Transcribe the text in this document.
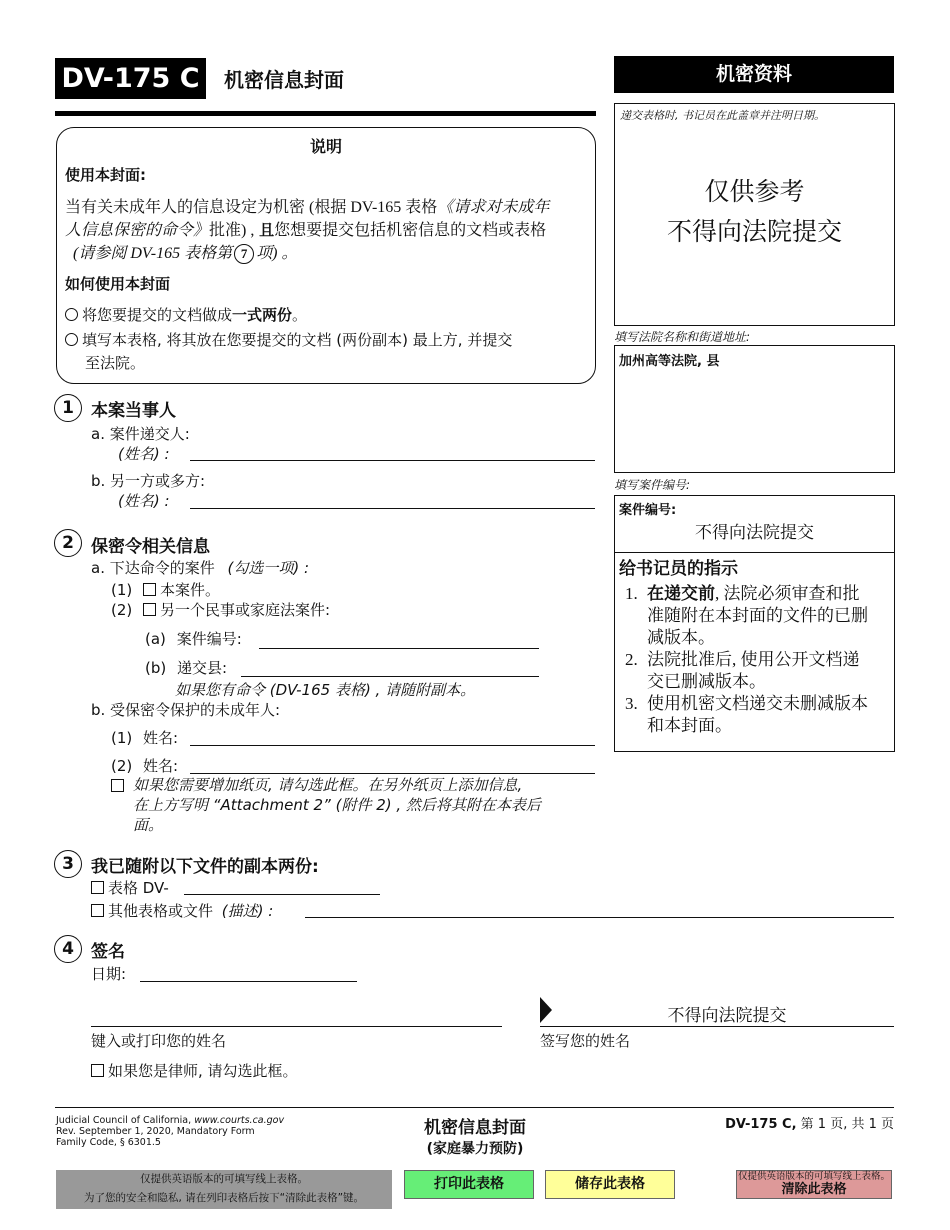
DV-175 C	机密信息封面	机密资料
说明
使用本封面:
当有关未成年人的信息设定为机密 (根据 DV-165 表格《请求对未成年
人信息保密的命令》批准) , 且您想要提交包括机密信息的文档或表格
(请参阅 DV-165 表格第 7 项) 。
如何使用本封面
将您要提交的文档做成一式两份。
填写本表格, 将其放在您要提交的文档 (两份副本) 最上方, 并提交
至法院。
递交表格时, 书记员在此盖章并注明日期。
仅供参考
不得向法院提交
填写法院名称和街道地址:
加州高等法院, 县
填写案件编号:
案件编号:
不得向法院提交
给书记员的指示
1. 在递交前, 法院必须审查和批
准随附在本封面的文件的已删
减版本。
2. 法院批准后, 使用公开文档递
交已删减版本。
3. 使用机密文档递交未删减版本
和本封面。
1	本案当事人
a. 案件递交人:
(姓名) :
b. 另一方或多方:
(姓名) :
2	保密令相关信息
a. 下达命令的案件 (勾选一项) :
(1) 本案件。
(2) 另一个民事或家庭法案件:
(a) 案件编号:
(b) 递交县:
如果您有命令 (DV-165 表格) , 请随附副本。
b. 受保密令保护的未成年人:
(1) 姓名:
(2) 姓名:
如果您需要增加纸页, 请勾选此框。在另外纸页上添加信息,
在上方写明 “Attachment 2” (附件 2) , 然后将其附在本表后
面。
3	我已随附以下文件的副本两份:
表格 DV-
其他表格或文件 (描述) :
4	签名
日期:
不得向法院提交
键入或打印您的姓名	签写您的姓名
如果您是律师, 请勾选此框。
Judicial Council of California, www.courts.ca.gov
Rev. September 1, 2020, Mandatory Form
Family Code, § 6301.5
机密信息封面
(家庭暴力预防)
DV-175 C, 第 1 页, 共 1 页
仅提供英语版本的可填写线上表格。
为了您的安全和隐私, 请在列印表格后按下“清除此表格”键。
打印此表格	储存此表格	仅提供英语版本的可填写线上表格。
清除此表格
